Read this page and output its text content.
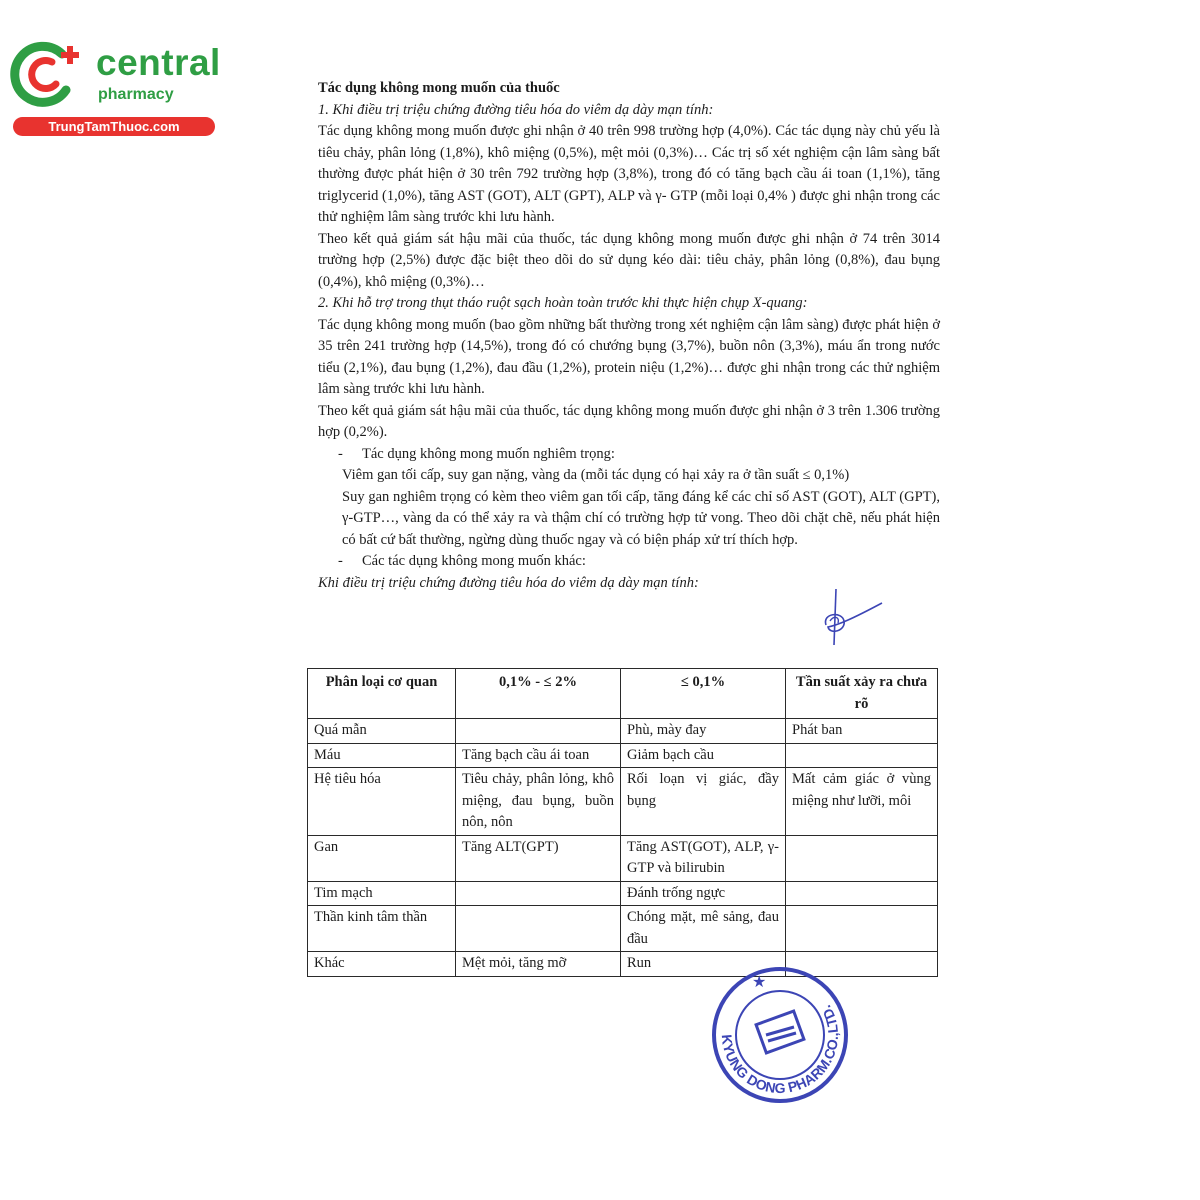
central
pharmacy
TrungTamThuoc.com

Tác dụng không mong muốn của thuốc

1. Khi điều trị triệu chứng đường tiêu hóa do viêm dạ dày mạn tính:

Tác dụng không mong muốn được ghi nhận ở 40 trên 998 trường hợp (4,0%). Các tác dụng này chủ yếu là tiêu chảy, phân lỏng (1,8%), khô miệng (0,5%), mệt mỏi (0,3%)… Các trị số xét nghiệm cận lâm sàng bất thường được phát hiện ở 30 trên 792 trường hợp (3,8%), trong đó có tăng bạch cầu ái toan (1,1%), tăng triglycerid (1,0%), tăng AST (GOT), ALT (GPT), ALP và γ- GTP (mỗi loại 0,4% ) được ghi nhận trong các thử nghiệm lâm sàng trước khi lưu hành.

Theo kết quả giám sát hậu mãi của thuốc, tác dụng không mong muốn được ghi nhận ở 74 trên 3014 trường hợp (2,5%) được đặc biệt theo dõi do sử dụng kéo dài: tiêu chảy, phân lỏng (0,8%), đau bụng (0,4%), khô miệng (0,3%)…

2. Khi hỗ trợ trong thụt tháo ruột sạch hoàn toàn trước khi thực hiện chụp X-quang:

Tác dụng không mong muốn (bao gồm những bất thường trong xét nghiệm cận lâm sàng) được phát hiện ở 35 trên 241 trường hợp (14,5%), trong đó có chướng bụng (3,7%), buồn nôn (3,3%), máu ẩn trong nước tiểu (2,1%), đau bụng (1,2%), đau đầu (1,2%), protein niệu (1,2%)… được ghi nhận trong các thử nghiệm lâm sàng trước khi lưu hành.

Theo kết quả giám sát hậu mãi của thuốc, tác dụng không mong muốn được ghi nhận ở 3 trên 1.306 trường hợp (0,2%).

- Tác dụng không mong muốn nghiêm trọng:

Viêm gan tối cấp, suy gan nặng, vàng da (mỗi tác dụng có hại xảy ra ở tần suất ≤ 0,1%)

Suy gan nghiêm trọng có kèm theo viêm gan tối cấp, tăng đáng kể các chỉ số AST (GOT), ALT (GPT), γ-GTP…, vàng da có thể xảy ra và thậm chí có trường hợp tử vong. Theo dõi chặt chẽ, nếu phát hiện có bất cứ bất thường, ngừng dùng thuốc ngay và có biện pháp xử trí thích hợp.

- Các tác dụng không mong muốn khác:

Khi điều trị triệu chứng đường tiêu hóa do viêm dạ dày mạn tính:

Phân loại cơ quan	0,1% - ≤ 2%	≤ 0,1%	Tần suất xảy ra chưa rõ
Quá mẫn		Phù, mày đay	Phát ban
Máu	Tăng bạch cầu ái toan	Giảm bạch cầu	
Hệ tiêu hóa	Tiêu chảy, phân lỏng, khô miệng, đau bụng, buồn nôn, nôn	Rối loạn vị giác, đầy bụng	Mất cảm giác ở vùng miệng như lưỡi, môi
Gan	Tăng ALT(GPT)	Tăng AST(GOT), ALP, γ- GTP và bilirubin	
Tim mạch		Đánh trống ngực	
Thần kinh tâm thần		Chóng mặt, mê sảng, đau đầu	
Khác	Mệt mỏi, tăng mỡ	Run	
KYUNG DONG PHARM.CO.,LTD.
★
